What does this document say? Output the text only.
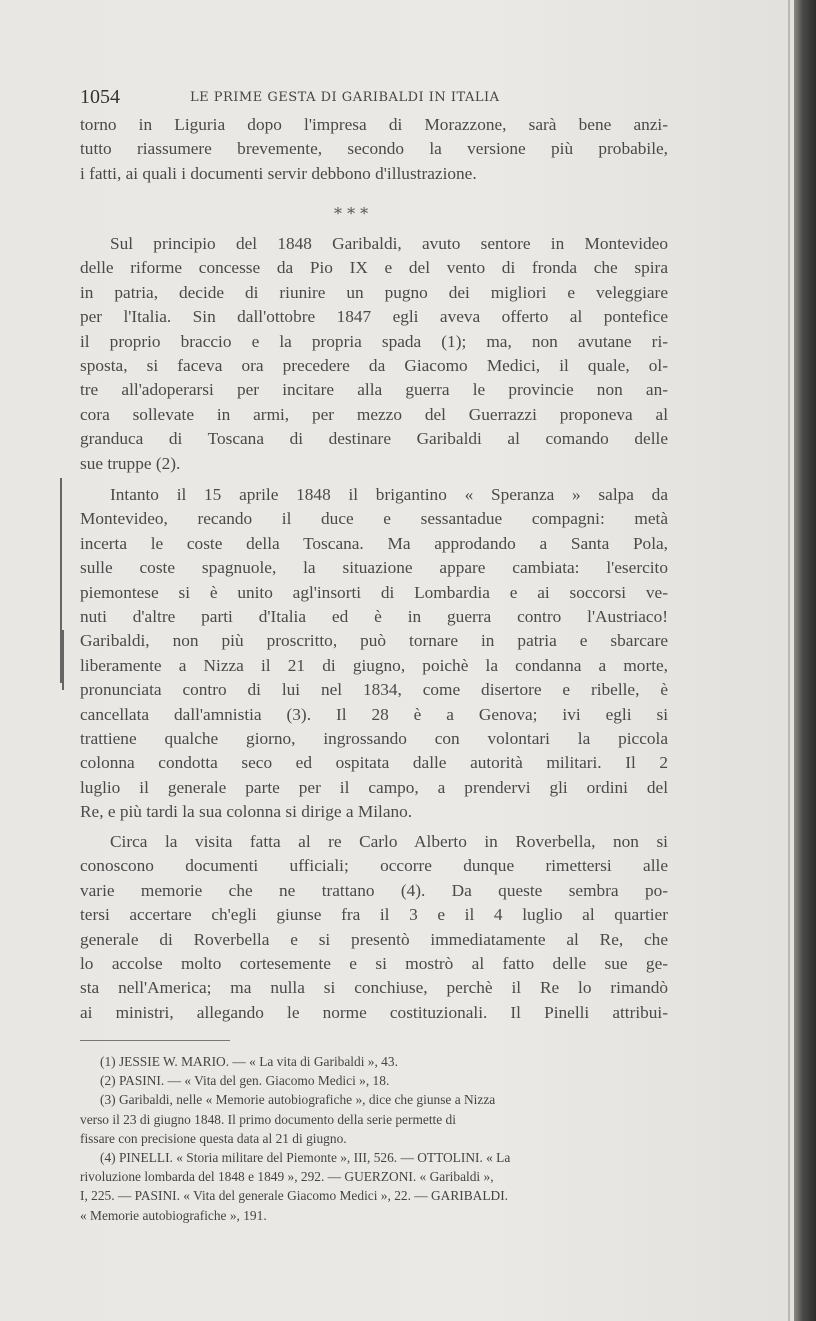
1054	LE PRIME GESTA DI GARIBALDI IN ITALIA
torno in Liguria dopo l'impresa di Morazzone, sarà bene anzi-
tutto riassumere brevemente, secondo la versione più probabile,
i fatti, ai quali i documenti servir debbono d'illustrazione.
* * *
Sul principio del 1848 Garibaldi, avuto sentore in Montevideo
delle riforme concesse da Pio IX e del vento di fronda che spira
in patria, decide di riunire un pugno dei migliori e veleggiare
per l'Italia. Sin dall'ottobre 1847 egli aveva offerto al pontefice
il proprio braccio e la propria spada (1); ma, non avutane ri-
sposta, si faceva ora precedere da Giacomo Medici, il quale, ol-
tre all'adoperarsi per incitare alla guerra le provincie non an-
cora sollevate in armi, per mezzo del Guerrazzi proponeva al
granduca di Toscana di destinare Garibaldi al comando delle
sue truppe (2).
Intanto il 15 aprile 1848 il brigantino « Speranza » salpa da
Montevideo, recando il duce e sessantadue compagni: metà
incerta le coste della Toscana. Ma approdando a Santa Pola,
sulle coste spagnuole, la situazione appare cambiata: l'esercito
piemontese si è unito agl'insorti di Lombardia e ai soccorsi ve-
nuti d'altre parti d'Italia ed è in guerra contro l'Austriaco!
Garibaldi, non più proscritto, può tornare in patria e sbarcare
liberamente a Nizza il 21 di giugno, poichè la condanna a morte,
pronunciata contro di lui nel 1834, come disertore e ribelle, è
cancellata dall'amnistia (3). Il 28 è a Genova; ivi egli si
trattiene qualche giorno, ingrossando con volontari la piccola
colonna condotta seco ed ospitata dalle autorità militari. Il 2
luglio il generale parte per il campo, a prendervi gli ordini del
Re, e più tardi la sua colonna si dirige a Milano.
Circa la visita fatta al re Carlo Alberto in Roverbella, non si
conoscono documenti ufficiali; occorre dunque rimettersi alle
varie memorie che ne trattano (4). Da queste sembra po-
tersi accertare ch'egli giunse fra il 3 e il 4 luglio al quartier
generale di Roverbella e si presentò immediatamente al Re, che
lo accolse molto cortesemente e si mostrò al fatto delle sue ge-
sta nell'America; ma nulla si conchiuse, perchè il Re lo rimandò
ai ministri, allegando le norme costituzionali. Il Pinelli attribui-
(1) JESSIE W. MARIO. — « La vita di Garibaldi », 43.
(2) PASINI. — « Vita del gen. Giacomo Medici », 18.
(3) Garibaldi, nelle « Memorie autobiografiche », dice che giunse a Nizza
verso il 23 di giugno 1848. Il primo documento della serie permette di
fissare con precisione questa data al 21 di giugno.
(4) PINELLI. « Storia militare del Piemonte », III, 526. — OTTOLINI. « La
rivoluzione lombarda del 1848 e 1849 », 292. — GUERZONI. « Garibaldi »,
I, 225. — PASINI. « Vita del generale Giacomo Medici », 22. — GARIBALDI.
« Memorie autobiografiche », 191.
